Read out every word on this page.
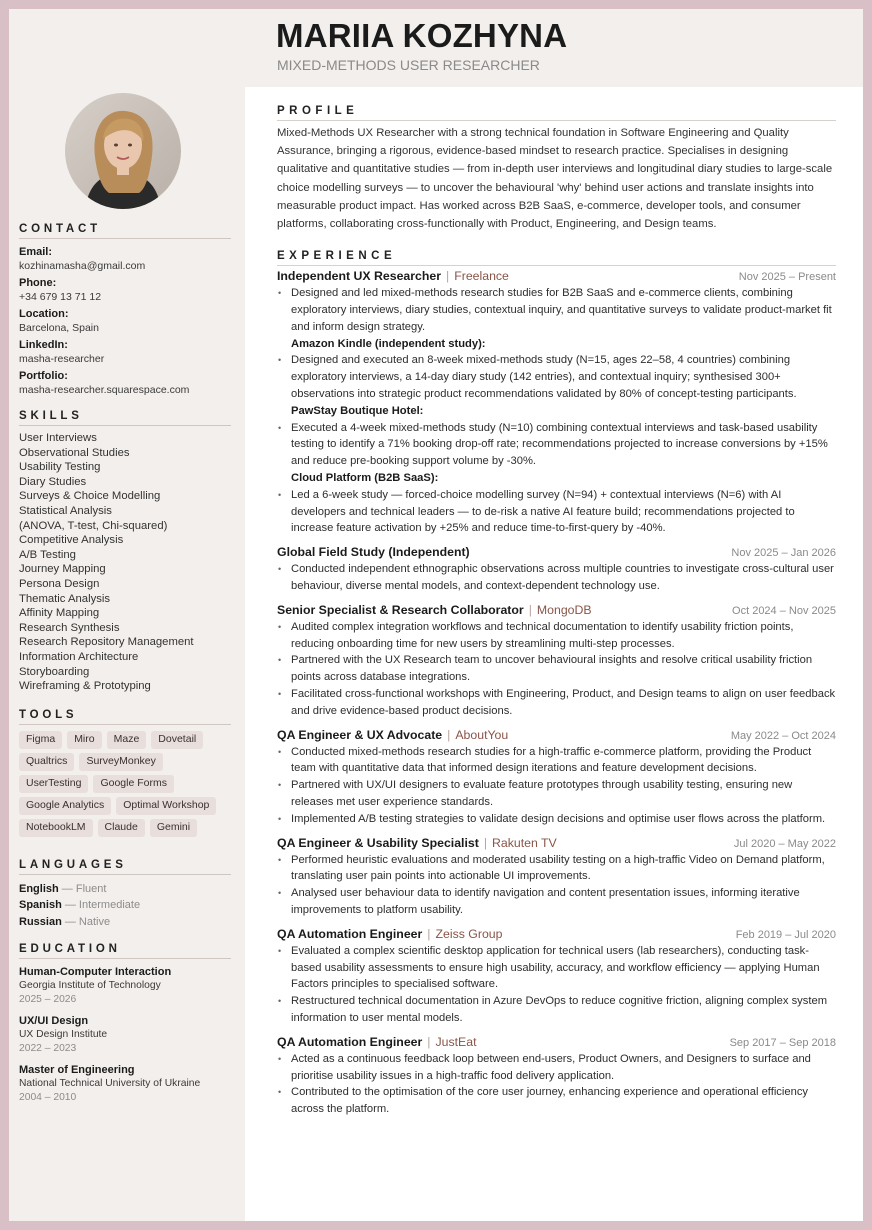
MARIIA KOZHYNA
MIXED-METHODS USER RESEARCHER
CONTACT
Email:
kozhinamasha@gmail.com
Phone:
+34 679 13 71 12
Location:
Barcelona, Spain
LinkedIn:
masha-researcher
Portfolio:
masha-researcher.squarespace.com
SKILLS
User Interviews
Observational Studies
Usability Testing
Diary Studies
Surveys & Choice Modelling
Statistical Analysis
(ANOVA, T-test, Chi-squared)
Competitive Analysis
A/B Testing
Journey Mapping
Persona Design
Thematic Analysis
Affinity Mapping
Research Synthesis
Research Repository Management
Information Architecture
Storyboarding
Wireframing & Prototyping
TOOLS
Figma	Miro	Maze	Dovetail
Qualtrics	SurveyMonkey
UserTesting	Google Forms
Google Analytics	Optimal Workshop
NotebookLM	Claude	Gemini
LANGUAGES
English — Fluent
Spanish — Intermediate
Russian — Native
EDUCATION
Human-Computer Interaction
Georgia Institute of Technology
2025 – 2026
UX/UI Design
UX Design Institute
2022 – 2023
Master of Engineering
National Technical University of Ukraine
2004 – 2010
PROFILE

Mixed-Methods UX Researcher with a strong technical foundation in Software Engineering and Quality Assurance, bringing a rigorous, evidence-based mindset to research practice. Specialises in designing qualitative and quantitative studies — from in-depth user interviews and longitudinal diary studies to large-scale choice modelling surveys — to uncover the behavioural 'why' behind user actions and translate insights into measurable product impact. Has worked across B2B SaaS, e-commerce, developer tools, and consumer platforms, collaborating cross-functionally with Product, Engineering, and Design teams.

EXPERIENCE
Independent UX Researcher | Freelance	Nov 2025 – Present
• Designed and led mixed-methods research studies for B2B SaaS and e-commerce clients, combining exploratory interviews, diary studies, contextual inquiry, and quantitative surveys to validate product-market fit and inform design strategy.
Amazon Kindle (independent study):
• Designed and executed an 8-week mixed-methods study (N=15, ages 22–58, 4 countries) combining exploratory interviews, a 14-day diary study (142 entries), and contextual inquiry; synthesised 300+ observations into strategic product recommendations validated by 80% of concept-testing participants.
PawStay Boutique Hotel:
• Executed a 4-week mixed-methods study (N=10) combining contextual interviews and task-based usability testing to identify a 71% booking drop-off rate; recommendations projected to increase conversions by +15% and reduce pre-booking support volume by -30%.
Cloud Platform (B2B SaaS):
• Led a 6-week study — forced-choice modelling survey (N=94) + contextual interviews (N=6) with AI developers and technical leaders — to de-risk a native AI feature build; recommendations projected to increase feature activation by +25% and reduce time-to-first-query by -40%.
Global Field Study (Independent)	Nov 2025 – Jan 2026
• Conducted independent ethnographic observations across multiple countries to investigate cross-cultural user behaviour, diverse mental models, and context-dependent technology use.
Senior Specialist & Research Collaborator | MongoDB	Oct 2024 – Nov 2025
• Audited complex integration workflows and technical documentation to identify usability friction points, reducing onboarding time for new users by streamlining multi-step processes.
• Partnered with the UX Research team to uncover behavioural insights and resolve critical usability friction points across database integrations.
• Facilitated cross-functional workshops with Engineering, Product, and Design teams to align on user feedback and drive evidence-based product decisions.
QA Engineer & UX Advocate | AboutYou	May 2022 – Oct 2024
• Conducted mixed-methods research studies for a high-traffic e-commerce platform, providing the Product team with quantitative data that informed design iterations and feature development decisions.
• Partnered with UX/UI designers to evaluate feature prototypes through usability testing, ensuring new releases met user experience standards.
• Implemented A/B testing strategies to validate design decisions and optimise user flows across the platform.
QA Engineer & Usability Specialist | Rakuten TV	Jul 2020 – May 2022
• Performed heuristic evaluations and moderated usability testing on a high-traffic Video on Demand platform, translating user pain points into actionable UI improvements.
• Analysed user behaviour data to identify navigation and content presentation issues, informing iterative improvements to platform usability.
QA Automation Engineer | Zeiss Group	Feb 2019 – Jul 2020
• Evaluated a complex scientific desktop application for technical users (lab researchers), conducting task-based usability assessments to ensure high usability, accuracy, and workflow efficiency — applying Human Factors principles to specialised software.
• Restructured technical documentation in Azure DevOps to reduce cognitive friction, aligning complex system information to user mental models.
QA Automation Engineer | JustEat	Sep 2017 – Sep 2018
• Acted as a continuous feedback loop between end-users, Product Owners, and Designers to surface and prioritise usability issues in a high-traffic food delivery application.
• Contributed to the optimisation of the core user journey, enhancing experience and operational efficiency across the platform.
